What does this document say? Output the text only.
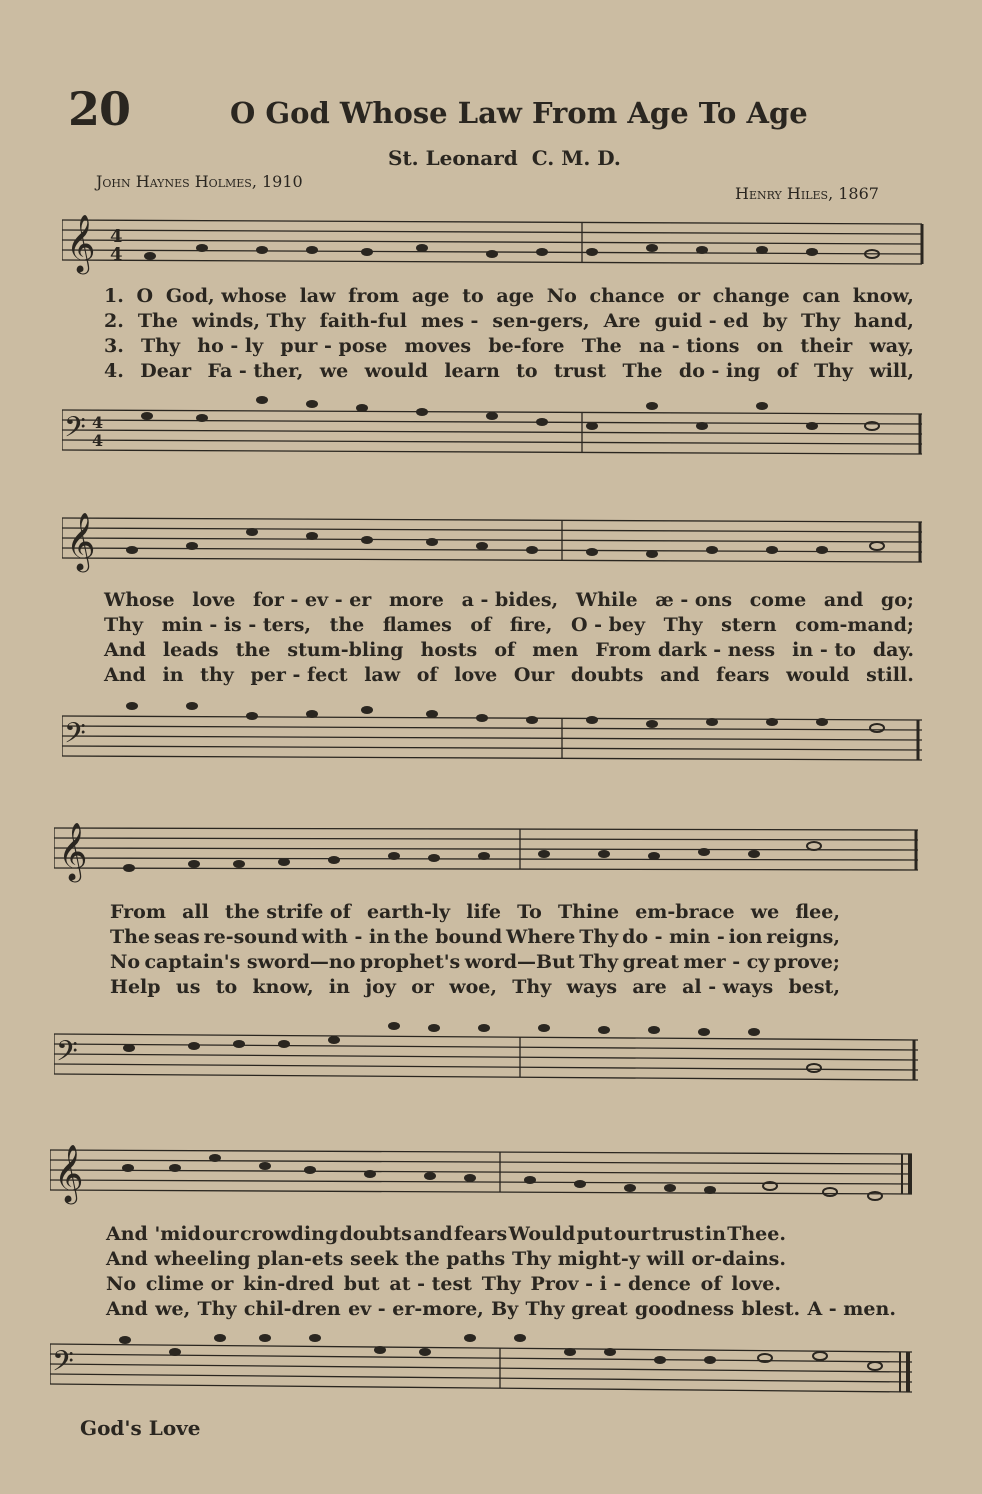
20	O God Whose Law From Age To Age
St. Leonard C. M. D.
John Haynes Holmes, 1910
Henry Hiles, 1867
𝄞 4
4
1. O God, whose law from age to age No chance or change can know,
2. The winds, Thy faith-ful mes - sen-gers, Are guid - ed by Thy hand,
3. Thy ho - ly pur - pose moves be-fore The na - tions on their way,
4. Dear Fa - ther, we would learn to trust The do - ing of Thy will,
𝄢 4
4
𝄞
Whose love for - ev - er more a - bides, While æ - ons come and go;
Thy min - is - ters, the flames of fire, O - bey Thy stern com-mand;
And leads the stum-bling hosts of men From dark - ness in - to day.
And in thy per - fect law of love Our doubts and fears would still.
𝄢
𝄞
From all the strife of earth-ly life To Thine em-brace we flee,
The seas re-sound with - in the bound Where Thy do - min - ion reigns,
No captain's sword—no prophet's word—But Thy great mer - cy prove;
Help us to know, in joy or woe, Thy ways are al - ways best,
𝄢
𝄞
And 'mid our crowding doubts and fears Would put our trust in Thee.
And wheeling plan-ets seek the paths Thy might-y will or-dains.
No clime or kin-dred but at - test Thy Prov - i - dence of love.
And we, Thy chil-dren ev - er-more, By Thy great goodness blest. A - men.
𝄢
God's Love
